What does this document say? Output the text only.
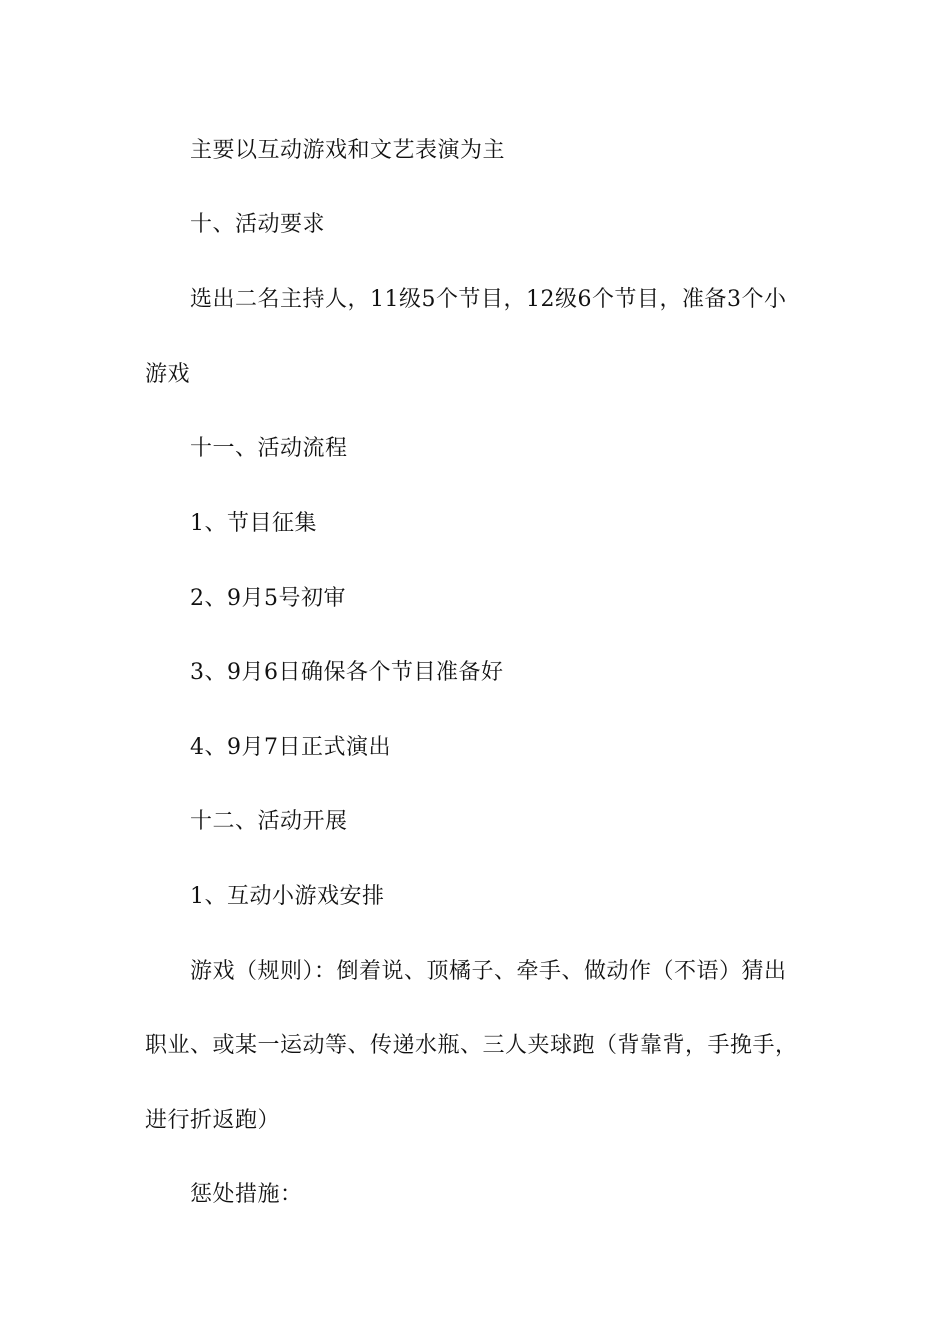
主要以互动游戏和文艺表演为主
十、活动要求
选出二名主持人，11级5个节目，12级6个节目，准备3个小
游戏
十一、活动流程
1、节目征集
2、9月5号初审
3、9月6日确保各个节目准备好
4、9月7日正式演出
十二、活动开展
1、互动小游戏安排
游戏（规则）：倒着说、顶橘子、牵手、做动作（不语）猜出
职业、或某一运动等、传递水瓶、三人夹球跑（背靠背，手挽手，
进行折返跑）
惩处措施：
